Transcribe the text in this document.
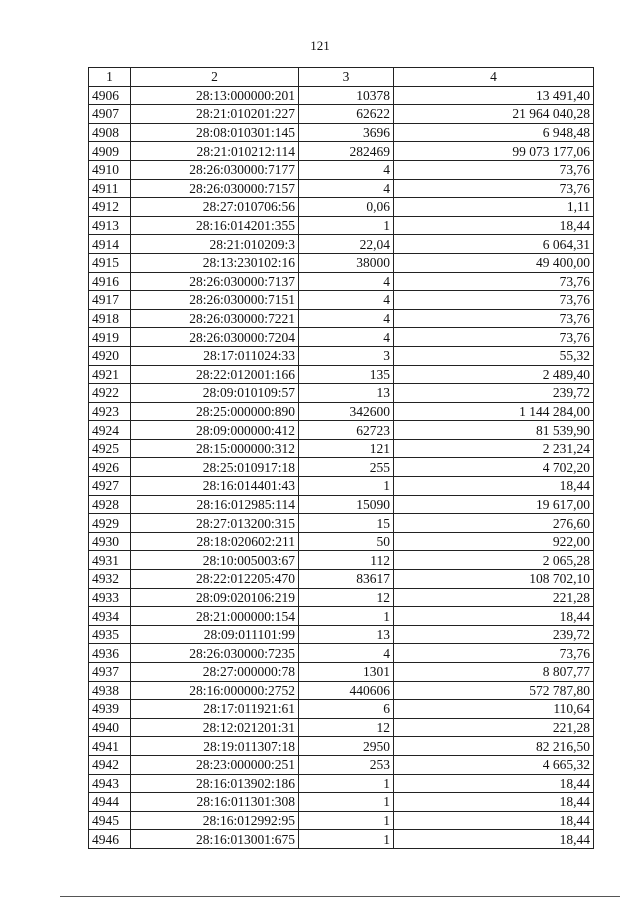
121
1	2	3	4
4906	28:13:000000:201	10378	13 491,40
4907	28:21:010201:227	62622	21 964 040,28
4908	28:08:010301:145	3696	6 948,48
4909	28:21:010212:114	282469	99 073 177,06
4910	28:26:030000:7177	4	73,76
4911	28:26:030000:7157	4	73,76
4912	28:27:010706:56	0,06	1,11
4913	28:16:014201:355	1	18,44
4914	28:21:010209:3	22,04	6 064,31
4915	28:13:230102:16	38000	49 400,00
4916	28:26:030000:7137	4	73,76
4917	28:26:030000:7151	4	73,76
4918	28:26:030000:7221	4	73,76
4919	28:26:030000:7204	4	73,76
4920	28:17:011024:33	3	55,32
4921	28:22:012001:166	135	2 489,40
4922	28:09:010109:57	13	239,72
4923	28:25:000000:890	342600	1 144 284,00
4924	28:09:000000:412	62723	81 539,90
4925	28:15:000000:312	121	2 231,24
4926	28:25:010917:18	255	4 702,20
4927	28:16:014401:43	1	18,44
4928	28:16:012985:114	15090	19 617,00
4929	28:27:013200:315	15	276,60
4930	28:18:020602:211	50	922,00
4931	28:10:005003:67	112	2 065,28
4932	28:22:012205:470	83617	108 702,10
4933	28:09:020106:219	12	221,28
4934	28:21:000000:154	1	18,44
4935	28:09:011101:99	13	239,72
4936	28:26:030000:7235	4	73,76
4937	28:27:000000:78	1301	8 807,77
4938	28:16:000000:2752	440606	572 787,80
4939	28:17:011921:61	6	110,64
4940	28:12:021201:31	12	221,28
4941	28:19:011307:18	2950	82 216,50
4942	28:23:000000:251	253	4 665,32
4943	28:16:013902:186	1	18,44
4944	28:16:011301:308	1	18,44
4945	28:16:012992:95	1	18,44
4946	28:16:013001:675	1	18,44
